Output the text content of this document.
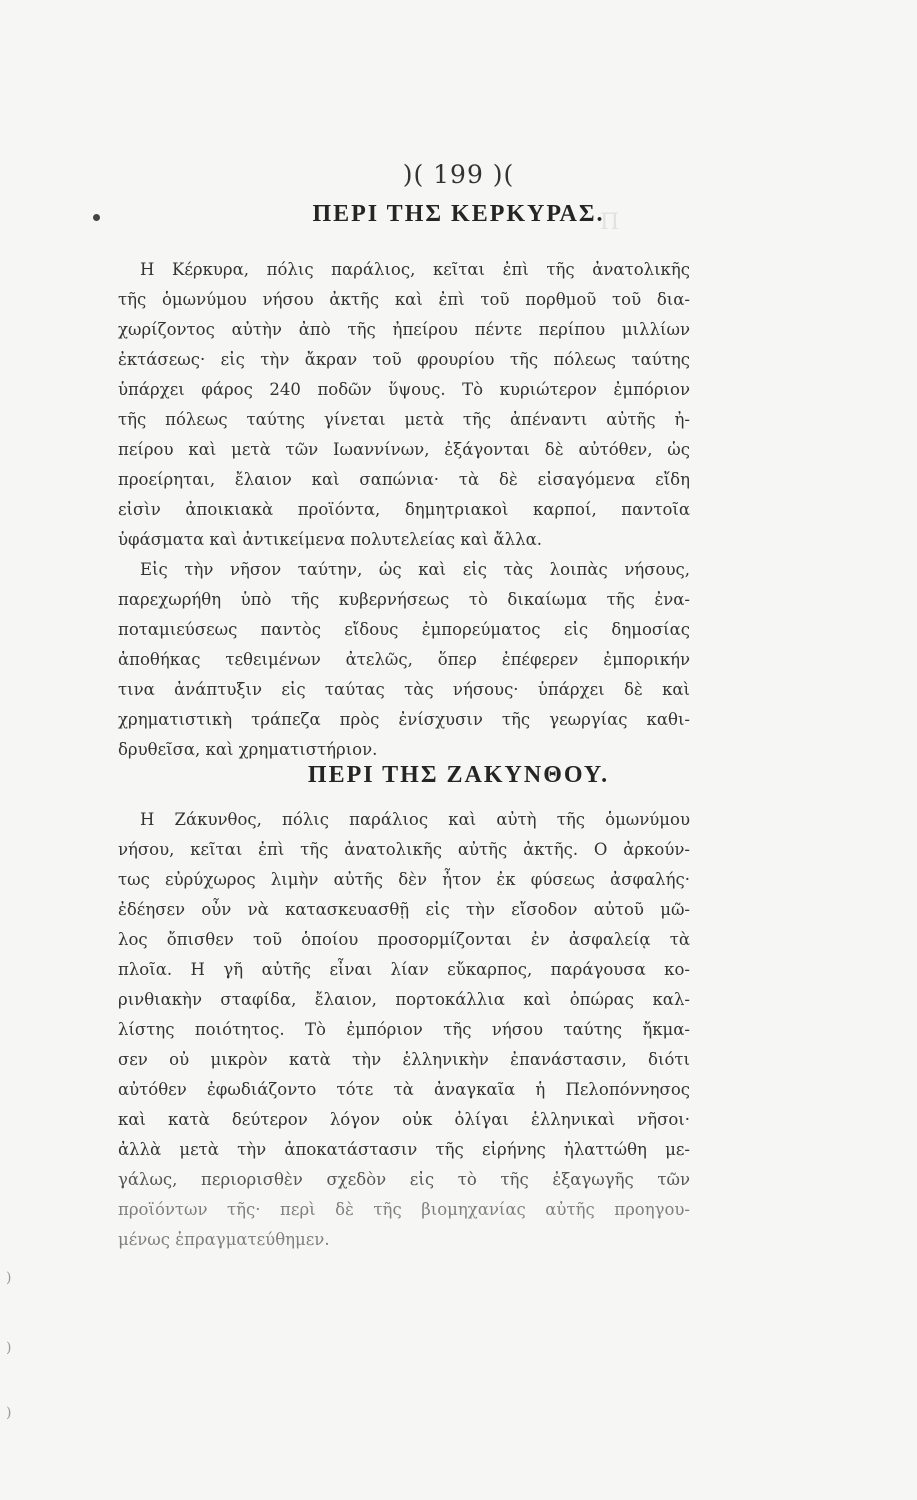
Π
)( 199 )(
ΠΕΡΙ ΤΗΣ ΚΕΡΚΥΡΑΣ.
Η Κέρκυρα, πόλις παράλιος, κεῖται ἐπὶ τῆς ἀνατολικῆς
τῆς ὁμωνύμου νήσου ἀκτῆς καὶ ἐπὶ τοῦ πορθμοῦ τοῦ δια-
χωρίζοντος αὐτὴν ἀπὸ τῆς ἠπείρου πέντε περίπου μιλλίων
ἐκτάσεως· εἰς τὴν ἄκραν τοῦ φρουρίου τῆς πόλεως ταύτης
ὑπάρχει φάρος 240 ποδῶν ὕψους. Τὸ κυριώτερον ἐμπόριον
τῆς πόλεως ταύτης γίνεται μετὰ τῆς ἀπέναντι αὐτῆς ἠ-
πείρου καὶ μετὰ τῶν Ιωαννίνων, ἐξάγονται δὲ αὐτόθεν, ὡς
προείρηται, ἔλαιον καὶ σαπώνια· τὰ δὲ εἰσαγόμενα εἴδη
εἰσὶν ἀποικιακὰ προϊόντα, δημητριακοὶ καρποί, παντοῖα
ὑφάσματα καὶ ἀντικείμενα πολυτελείας καὶ ἄλλα.
Εἰς τὴν νῆσον ταύτην, ὡς καὶ εἰς τὰς λοιπὰς νήσους,
παρεχωρήθη ὑπὸ τῆς κυβερνήσεως τὸ δικαίωμα τῆς ἐνα-
ποταμιεύσεως παντὸς εἴδους ἐμπορεύματος εἰς δημοσίας
ἀποθήκας τεθειμένων ἀτελῶς, ὅπερ ἐπέφερεν ἐμπορικήν
τινα ἀνάπτυξιν εἰς ταύτας τὰς νήσους· ὑπάρχει δὲ καὶ
χρηματιστικὴ τράπεζα πρὸς ἐνίσχυσιν τῆς γεωργίας καθι-
δρυθεῖσα, καὶ χρηματιστήριον.
ΠΕΡΙ ΤΗΣ ΖΑΚΥΝΘΟΥ.
Η Ζάκυνθος, πόλις παράλιος καὶ αὐτὴ τῆς ὁμωνύμου
νήσου, κεῖται ἐπὶ τῆς ἀνατολικῆς αὐτῆς ἀκτῆς. Ο ἀρκούν-
τως εὐρύχωρος λιμὴν αὐτῆς δὲν ἦτον ἐκ φύσεως ἀσφαλής·
ἐδέησεν οὖν νὰ κατασκευασθῇ εἰς τὴν εἴσοδον αὐτοῦ μῶ-
λος ὄπισθεν τοῦ ὁποίου προσορμίζονται ἐν ἀσφαλείᾳ τὰ
πλοῖα. Η γῆ αὐτῆς εἶναι λίαν εὔκαρπος, παράγουσα κο-
ρινθιακὴν σταφίδα, ἔλαιον, πορτοκάλλια καὶ ὀπώρας καλ-
λίστης ποιότητος. Τὸ ἐμπόριον τῆς νήσου ταύτης ἤκμα-
σεν οὐ μικρὸν κατὰ τὴν ἑλληνικὴν ἐπανάστασιν, διότι
αὐτόθεν ἐφωδιάζοντο τότε τὰ ἀναγκαῖα ἡ Πελοπόννησος
καὶ κατὰ δεύτερον λόγον οὐκ ὀλίγαι ἑλληνικαὶ νῆσοι·
ἀλλὰ μετὰ τὴν ἀποκατάστασιν τῆς εἰρήνης ἠλαττώθη με-
γάλως, περιορισθὲν σχεδὸν εἰς τὸ τῆς ἐξαγωγῆς τῶν
προϊόντων τῆς· περὶ δὲ τῆς βιομηχανίας αὐτῆς προηγου-
μένως ἐπραγματεύθημεν.
)
)
)
